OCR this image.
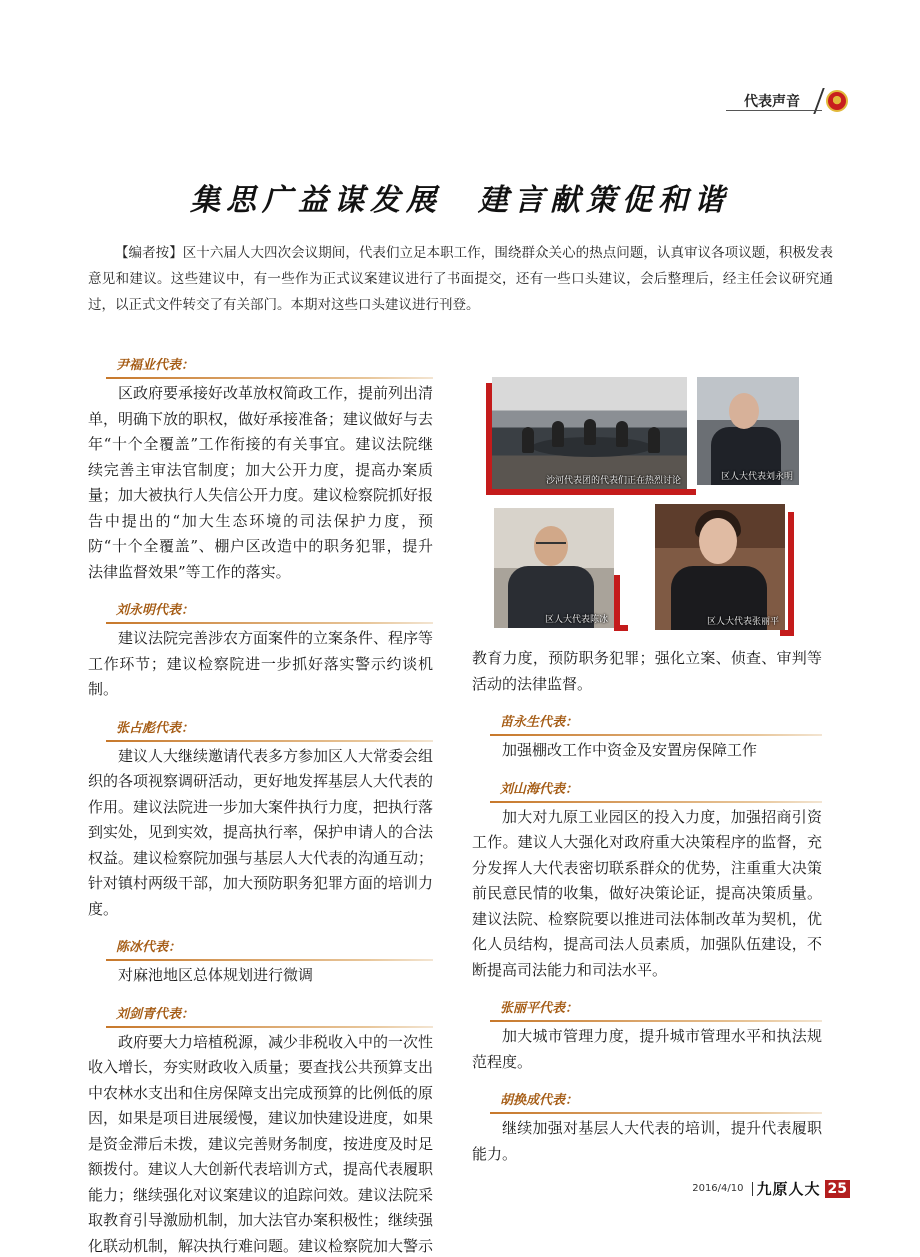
代表声音
集思广益谋发展　建言献策促和谐

【编者按】区十六届人大四次会议期间，代表们立足本职工作，围绕群众关心的热点问题，认真审议各项议题，积极发表意见和建议。这些建议中，有一些作为正式议案建议进行了书面提交，还有一些口头建议，会后整理后，经主任会议研究通过，以正式文件转交了有关部门。本期对这些口头建议进行刊登。

尹福业代表：
区政府要承接好改革放权简政工作，提前列出清单，明确下放的职权，做好承接准备；建议做好与去年“十个全覆盖”工作衔接的有关事宜。建议法院继续完善主审法官制度；加大公开力度，提高办案质量；加大被执行人失信公开力度。建议检察院抓好报告中提出的“加大生态环境的司法保护力度，预防“十个全覆盖”、棚户区改造中的职务犯罪，提升法律监督效果”等工作的落实。
刘永明代表：
建议法院完善涉农方面案件的立案条件、程序等工作环节；建议检察院进一步抓好落实警示约谈机制。
张占彪代表：
建议人大继续邀请代表多方参加区人大常委会组织的各项视察调研活动，更好地发挥基层人大代表的作用。建议法院进一步加大案件执行力度，把执行落到实处，见到实效，提高执行率，保护申请人的合法权益。建议检察院加强与基层人大代表的沟通互动；针对镇村两级干部，加大预防职务犯罪方面的培训力度。
陈冰代表：
对麻池地区总体规划进行微调
刘剑青代表：
政府要大力培植税源，减少非税收入中的一次性收入增长，夯实财政收入质量；要查找公共预算支出中农林水支出和住房保障支出完成预算的比例低的原因，如果是项目进展缓慢，建议加快建设进度，如果是资金滞后未拨，建议完善财务制度，按进度及时足额拨付。建议人大创新代表培训方式，提高代表履职能力；继续强化对议案建议的追踪问效。建议法院采取教育引导激励机制，加大法官办案积极性；继续强化联动机制，解决执行难问题。建议检察院加大警示
沙河代表团的代表们正在热烈讨论	区人大代表刘永明
区人大代表陈冰	区人大代表张丽平
教育力度，预防职务犯罪；强化立案、侦查、审判等活动的法律监督。
苗永生代表：
加强棚改工作中资金及安置房保障工作
刘山海代表：
加大对九原工业园区的投入力度，加强招商引资工作。建议人大强化对政府重大决策程序的监督，充分发挥人大代表密切联系群众的优势，注重重大决策前民意民情的收集，做好决策论证，提高决策质量。建议法院、检察院要以推进司法体制改革为契机，优化人员结构，提高司法人员素质，加强队伍建设，不断提高司法能力和司法水平。
张丽平代表：
加大城市管理力度，提升城市管理水平和执法规范程度。
胡换成代表：
继续加强对基层人大代表的培训，提升代表履职能力。
2016/4/10 九原人大 25
